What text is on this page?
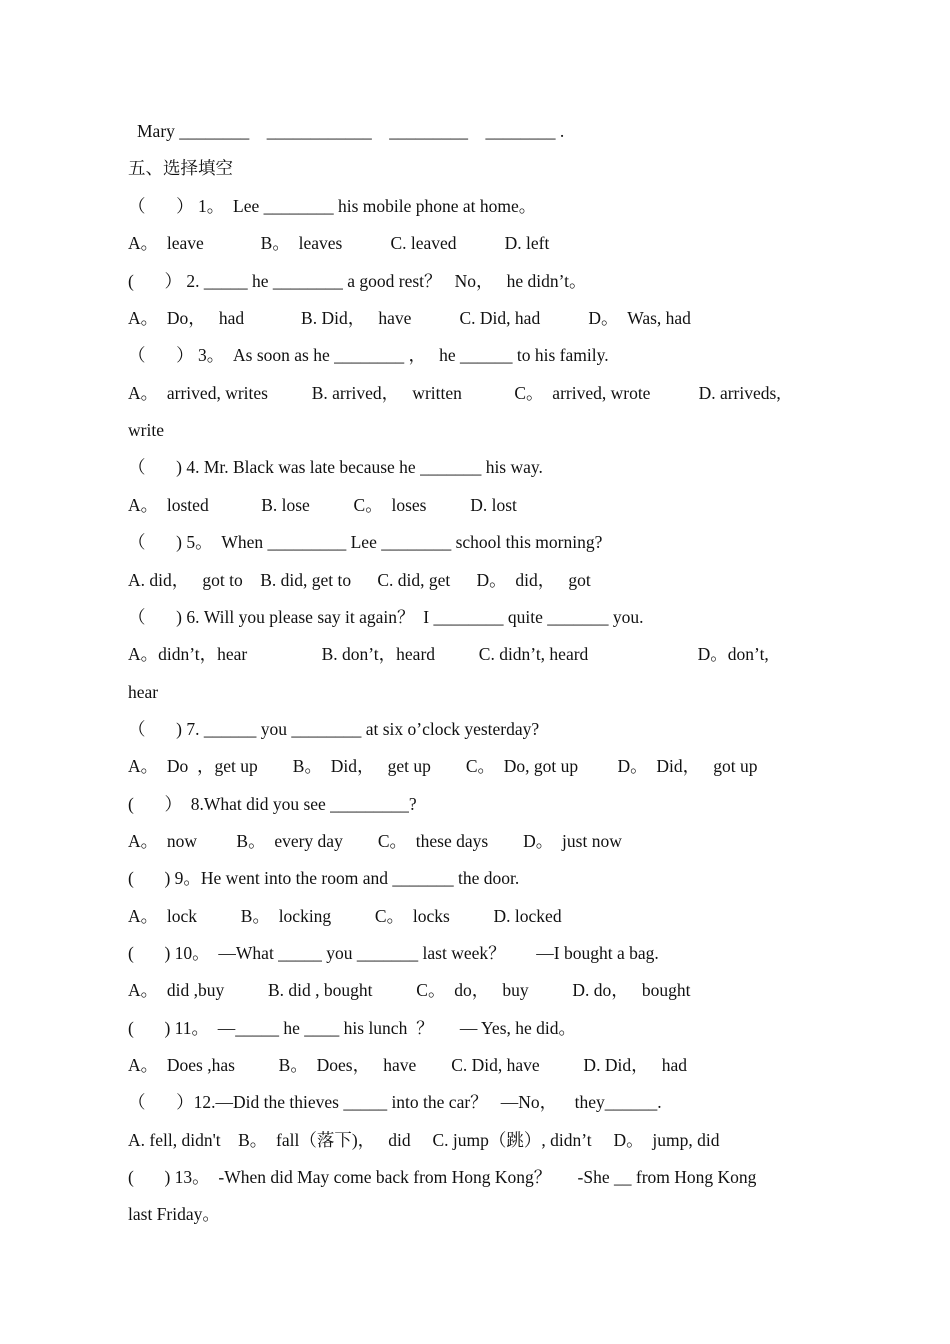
Mary ________    ____________    _________    ________ .
五、选择填空
（       ） 1。  Lee ________ his mobile phone at home。
A。  leave             B。  leaves           C. leaved           D. left
(       ） 2. _____ he ________ a good rest？   No，   he didn’t。
A。  Do，   had             B. Did，   have           C. Did, had           D。  Was, had
（       ） 3。  As soon as he ________ ，   he ______ to his family.
A。  arrived, writes          B. arrived，   written            C。  arrived, wrote           D. arriveds,
write
（       ) 4. Mr. Black was late because he _______ his way.
A。  losted            B. lose          C。  loses          D. lost
（       ) 5。  When _________ Lee ________ school this morning?
A. did，   got to    B. did, get to      C. did, get      D。  did，   got
（       ) 6. Will you please say it again？  I ________ quite _______ you.
A。didn’t，hear                 B. don’t，heard          C. didn’t, heard                         D。don’t,
hear
（       ) 7. ______ you ________ at six o’clock yesterday?
A。  Do  ，get up        B。  Did，   get up        C。  Do, got up         D。  Did，   got up
(       ）  8.What did you see _________?
A。  now         B。  every day        C。  these days        D。  just now
(       ) 9。He went into the room and _______ the door.
A。  lock          B。  locking          C。  locks          D. locked
(       ) 10。  —What _____ you _______ last week？       —I bought a bag.
A。  did ,buy          B. did , bought          C。  do，   buy          D. do，   bought
(       ) 11。  —_____ he ____ his lunch  ？      — Yes, he did。
A。  Does ,has          B。  Does，   have        C. Did, have          D. Did，   had
（       ）12.—Did the thieves _____ into the car？   —No，    they______.
A. fell, didn't    B。  fall（落下)，   did     C. jump（跳）, didn’t     D。  jump, did
(       ) 13。  -When did May come back from Hong Kong？      -She __ from Hong Kong
last Friday。
